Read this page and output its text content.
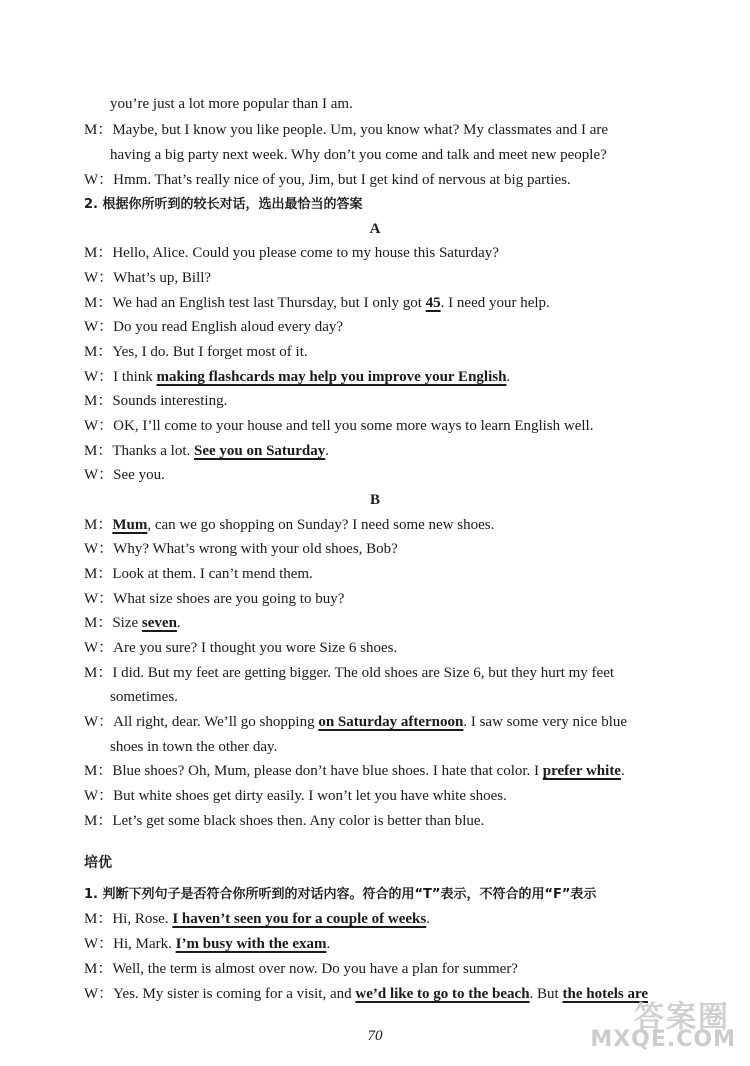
you’re just a lot more popular than I am.
M：Maybe, but I know you like people. Um, you know what? My classmates and I are
having a big party next week. Why don’t you come and talk and meet new people?
W：Hmm. That’s really nice of you, Jim, but I get kind of nervous at big parties.
2. 根据你所听到的较长对话，选出最恰当的答案
A
M：Hello, Alice. Could you please come to my house this Saturday?
W：What’s up, Bill?
M：We had an English test last Thursday, but I only got 45. I need your help.
W：Do you read English aloud every day?
M：Yes, I do. But I forget most of it.
W：I think making flashcards may help you improve your English.
M：Sounds interesting.
W：OK, I’ll come to your house and tell you some more ways to learn English well.
M：Thanks a lot. See you on Saturday.
W：See you.
B
M：Mum, can we go shopping on Sunday? I need some new shoes.
W：Why? What’s wrong with your old shoes, Bob?
M：Look at them. I can’t mend them.
W：What size shoes are you going to buy?
M：Size seven.
W：Are you sure? I thought you wore Size 6 shoes.
M：I did. But my feet are getting bigger. The old shoes are Size 6, but they hurt my feet
sometimes.
W：All right, dear. We’ll go shopping on Saturday afternoon. I saw some very nice blue
shoes in town the other day.
M：Blue shoes? Oh, Mum, please don’t have blue shoes. I hate that color. I prefer white.
W：But white shoes get dirty easily. I won’t let you have white shoes.
M：Let’s get some black shoes then. Any color is better than blue.
培优
1. 判断下列句子是否符合你所听到的对话内容。符合的用“T”表示，不符合的用“F”表示
M：Hi, Rose. I haven’t seen you for a couple of weeks.
W：Hi, Mark. I’m busy with the exam.
M：Well, the term is almost over now. Do you have a plan for summer?
W：Yes. My sister is coming for a visit, and we’d like to go to the beach. But the hotels are
70
答案圈
MXQE.COM
